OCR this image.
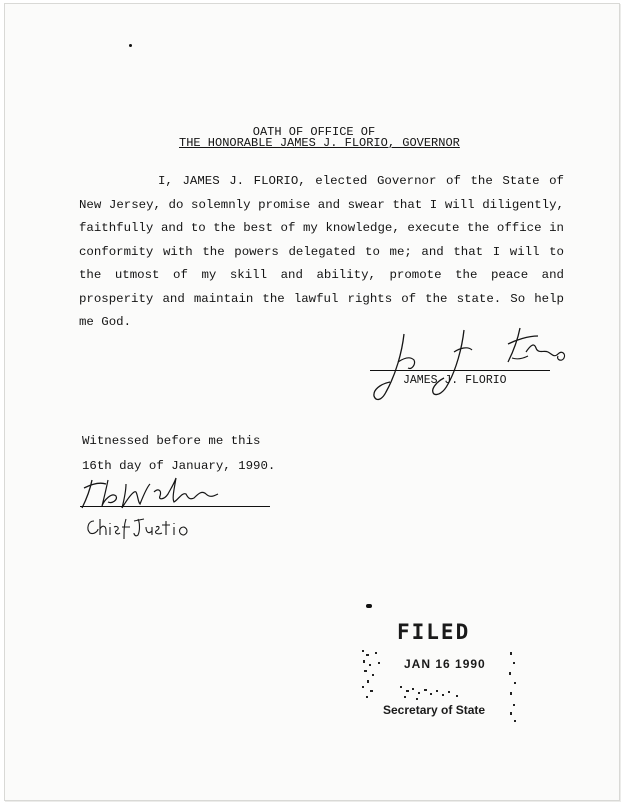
OATH OF OFFICE OF
THE HONORABLE JAMES J. FLORIO, GOVERNOR

I, JAMES J. FLORIO, elected Governor of the State of New Jersey, do solemnly promise and swear that I will diligently, faithfully and to the best of my knowledge, execute the office in conformity with the powers delegated to me; and that I will to the utmost of my skill and ability, promote the peace and prosperity and maintain the lawful rights of the state. So help me God.

JAMES J. FLORIO
Witnessed before me this
16th day of January, 1990.
FILED
JAN 16 1990
Secretary of State
